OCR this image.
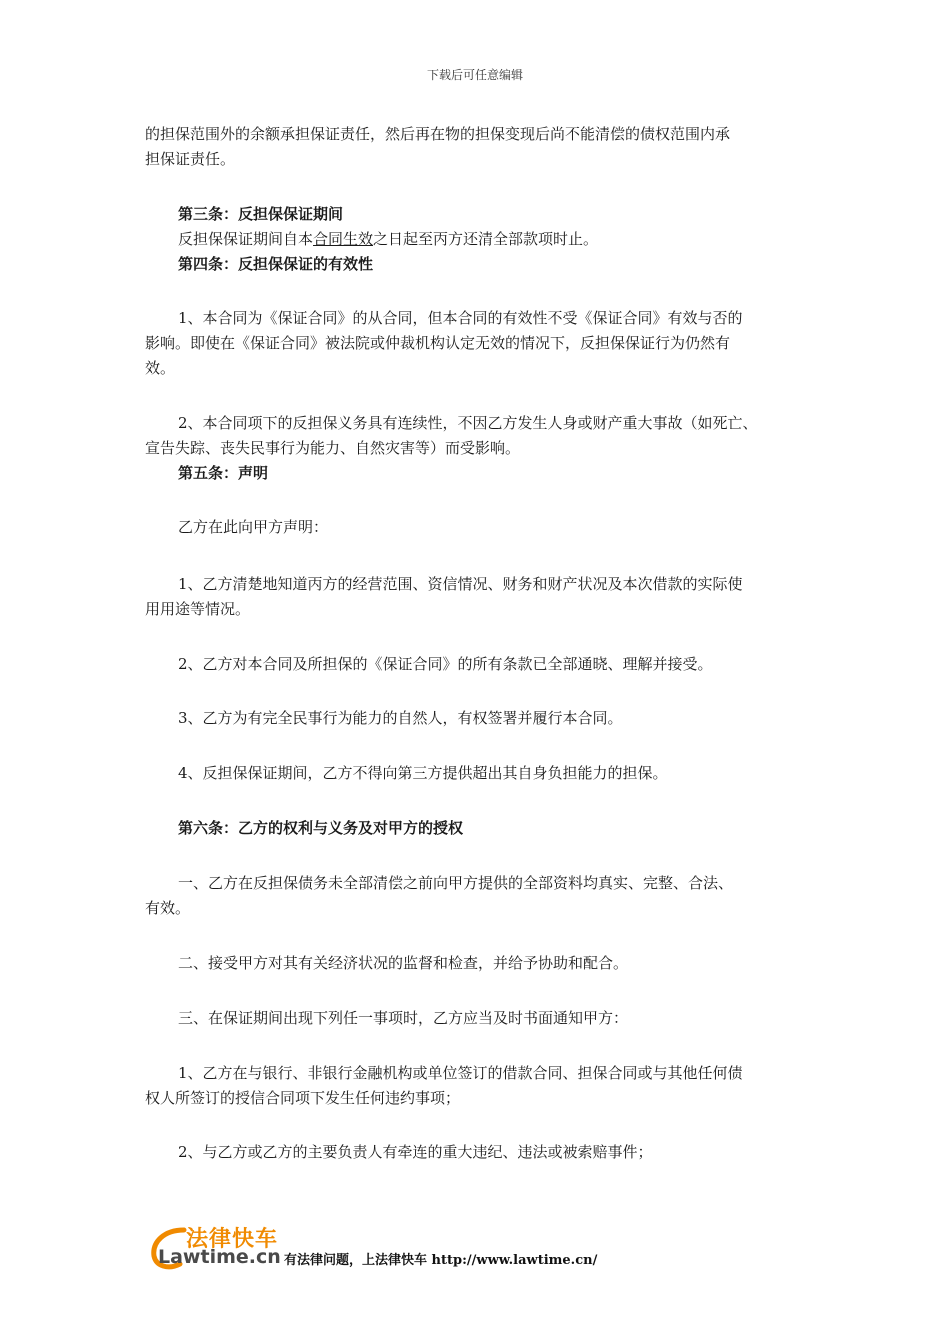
下载后可任意编辑
的担保范围外的余额承担保证责任，然后再在物的担保变现后尚不能清偿的债权范围内承
担保证责任。
第三条：反担保保证期间
反担保保证期间自本合同生效之日起至丙方还清全部款项时止。
第四条：反担保保证的有效性
1、本合同为《保证合同》的从合同，但本合同的有效性不受《保证合同》有效与否的
影响。即使在《保证合同》被法院或仲裁机构认定无效的情况下，反担保保证行为仍然有
效。
2、本合同项下的反担保义务具有连续性，不因乙方发生人身或财产重大事故（如死亡、
宣告失踪、丧失民事行为能力、自然灾害等）而受影响。
第五条：声明
乙方在此向甲方声明：
1、乙方清楚地知道丙方的经营范围、资信情况、财务和财产状况及本次借款的实际使
用用途等情况。
2、乙方对本合同及所担保的《保证合同》的所有条款已全部通晓、理解并接受。
3、乙方为有完全民事行为能力的自然人，有权签署并履行本合同。
4、反担保保证期间，乙方不得向第三方提供超出其自身负担能力的担保。
第六条：乙方的权利与义务及对甲方的授权
一、乙方在反担保债务未全部清偿之前向甲方提供的全部资料均真实、完整、合法、
有效。
二、接受甲方对其有关经济状况的监督和检查，并给予协助和配合。
三、在保证期间出现下列任一事项时，乙方应当及时书面通知甲方：
1、乙方在与银行、非银行金融机构或单位签订的借款合同、担保合同或与其他任何债
权人所签订的授信合同项下发生任何违约事项；
2、与乙方或乙方的主要负责人有牵连的重大违纪、违法或被索赔事件；
法律快车
Lawtime.cn 有法律问题，上法律快车 http://www.lawtime.cn/
